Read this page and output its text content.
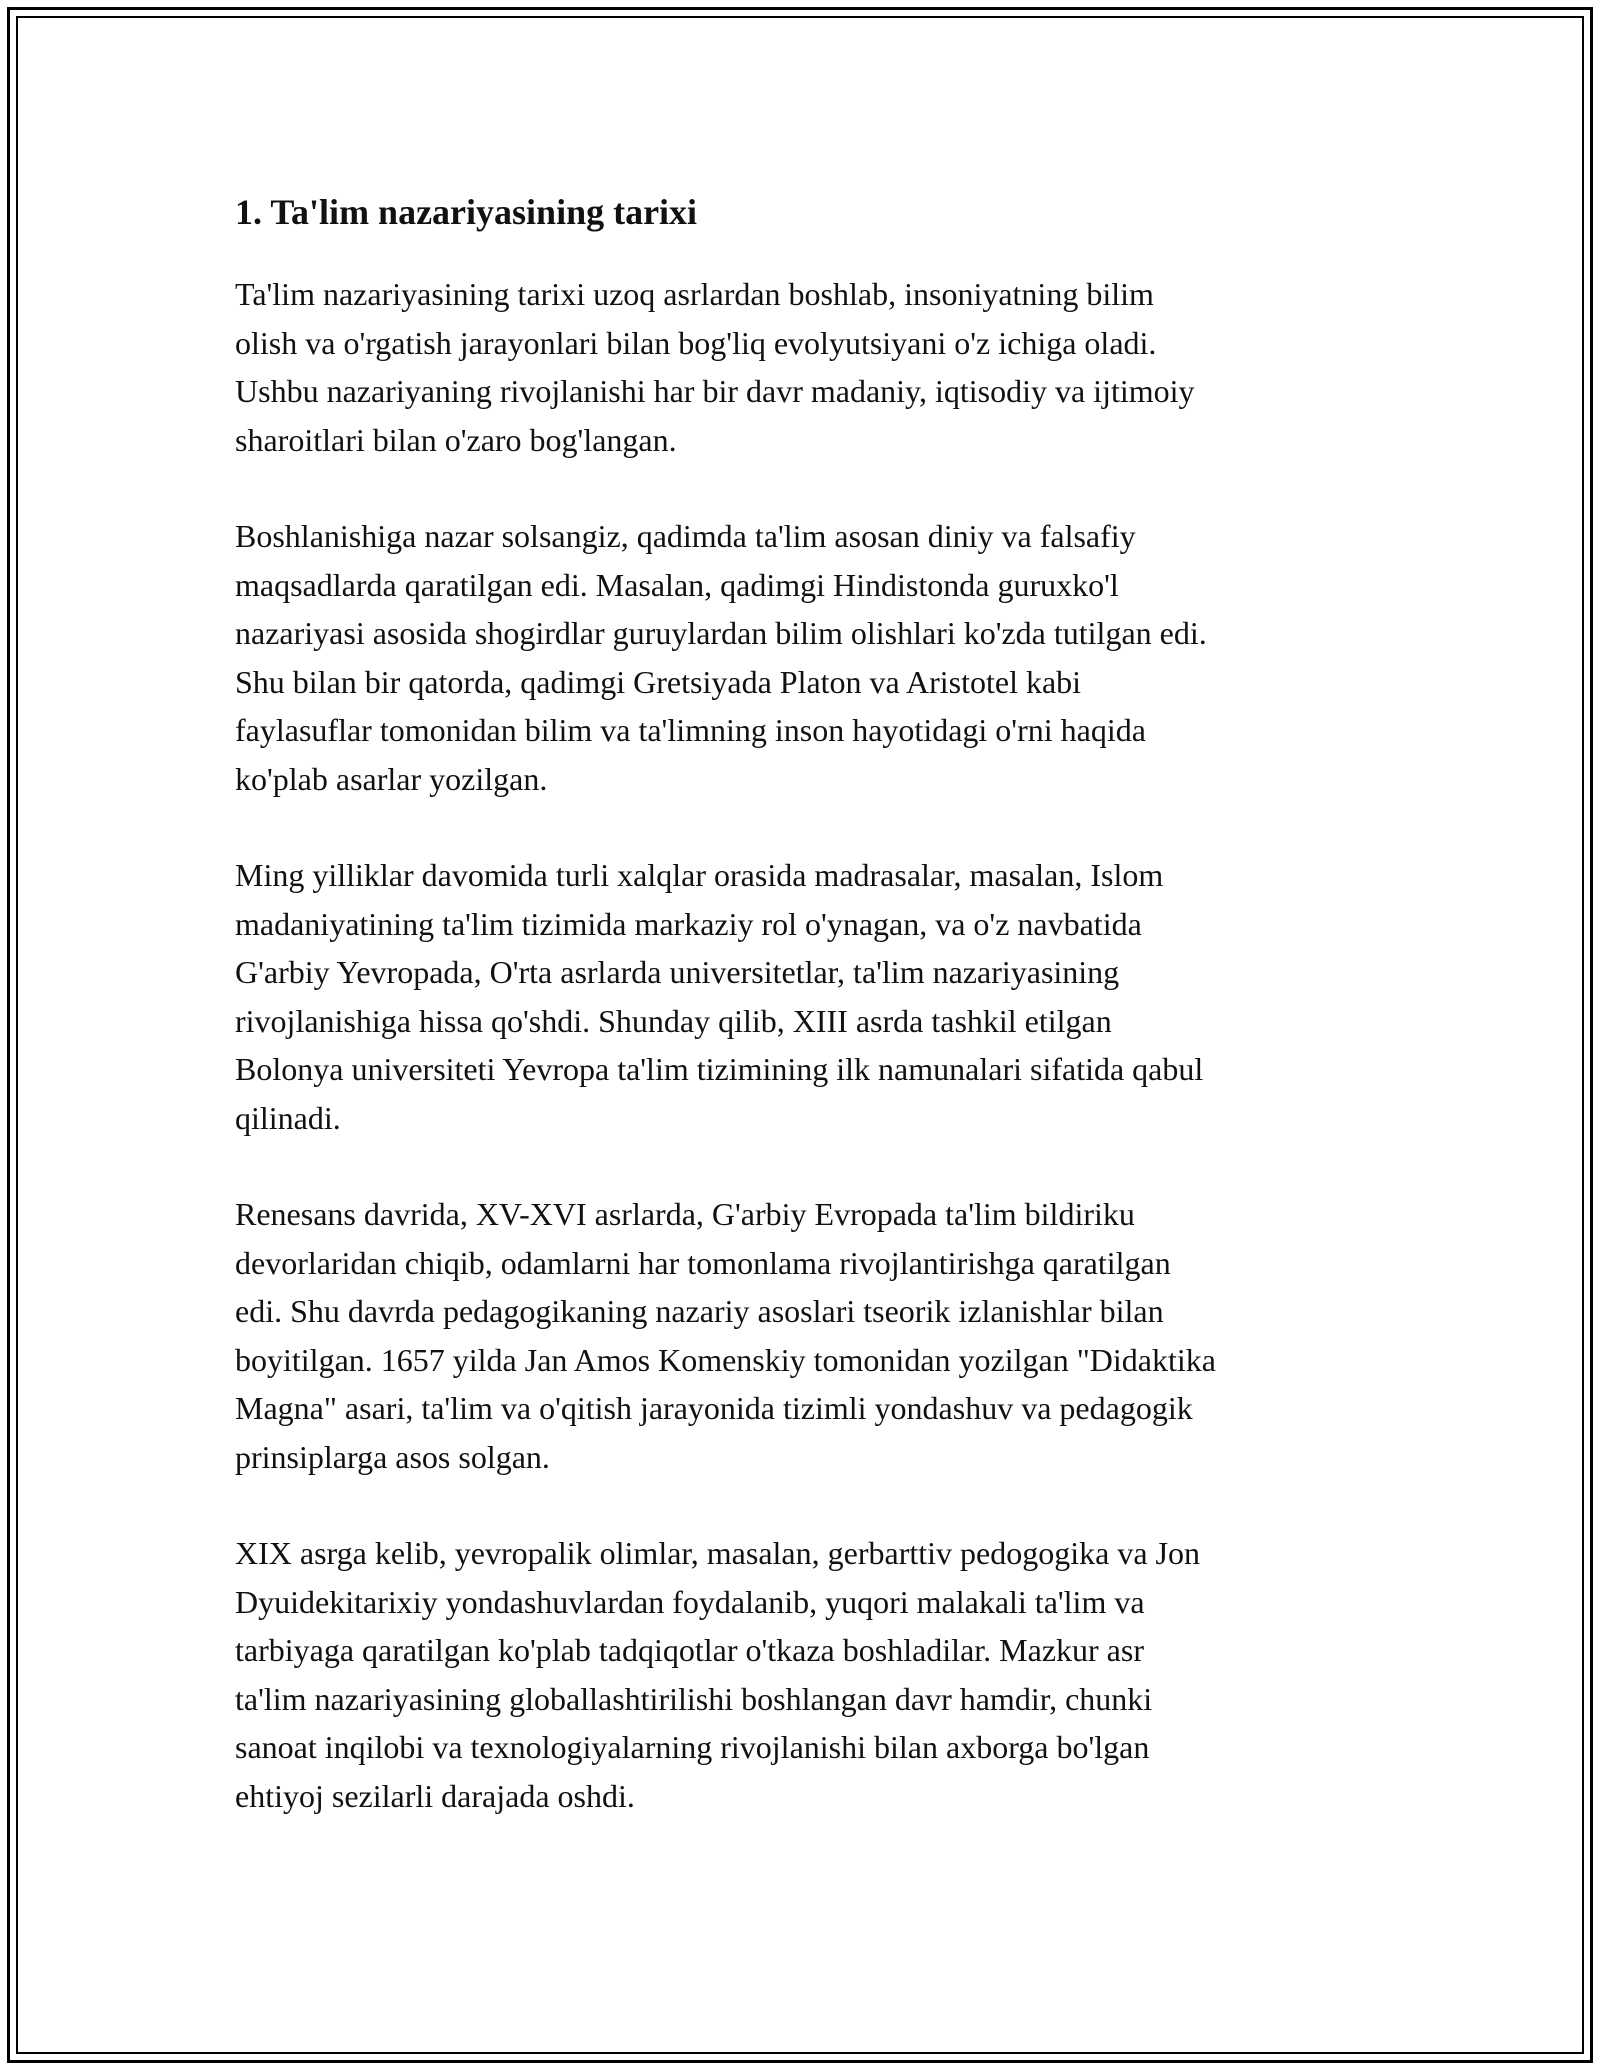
1. Ta'lim nazariyasining tarixi

Ta'lim nazariyasining tarixi uzoq asrlardan boshlab, insoniyatning bilim
olish va o'rgatish jarayonlari bilan bog'liq evolyutsiyani o'z ichiga oladi.
Ushbu nazariyaning rivojlanishi har bir davr madaniy, iqtisodiy va ijtimoiy
sharoitlari bilan o'zaro bog'langan.

Boshlanishiga nazar solsangiz, qadimda ta'lim asosan diniy va falsafiy
maqsadlarda qaratilgan edi. Masalan, qadimgi Hindistonda guruxko'l
nazariyasi asosida shogirdlar guruylardan bilim olishlari ko'zda tutilgan edi.
Shu bilan bir qatorda, qadimgi Gretsiyada Platon va Aristotel kabi
faylasuflar tomonidan bilim va ta'limning inson hayotidagi o'rni haqida
ko'plab asarlar yozilgan.

Ming yilliklar davomida turli xalqlar orasida madrasalar, masalan, Islom
madaniyatining ta'lim tizimida markaziy rol o'ynagan, va o'z navbatida
G'arbiy Yevropada, O'rta asrlarda universitetlar, ta'lim nazariyasining
rivojlanishiga hissa qo'shdi. Shunday qilib, XIII asrda tashkil etilgan
Bolonya universiteti Yevropa ta'lim tizimining ilk namunalari sifatida qabul
qilinadi.

Renesans davrida, XV-XVI asrlarda, G'arbiy Evropada ta'lim bildiriku
devorlaridan chiqib, odamlarni har tomonlama rivojlantirishga qaratilgan
edi. Shu davrda pedagogikaning nazariy asoslari tseorik izlanishlar bilan
boyitilgan. 1657 yilda Jan Amos Komenskiy tomonidan yozilgan "Didaktika
Magna" asari, ta'lim va o'qitish jarayonida tizimli yondashuv va pedagogik
prinsiplarga asos solgan.

XIX asrga kelib, yevropalik olimlar, masalan, gerbarttiv pedogogika va Jon
Dyuidekitarixiy yondashuvlardan foydalanib, yuqori malakali ta'lim va
tarbiyaga qaratilgan ko'plab tadqiqotlar o'tkaza boshladilar. Mazkur asr
ta'lim nazariyasining globallashtirilishi boshlangan davr hamdir, chunki
sanoat inqilobi va texnologiyalarning rivojlanishi bilan axborga bo'lgan
ehtiyoj sezilarli darajada oshdi.
